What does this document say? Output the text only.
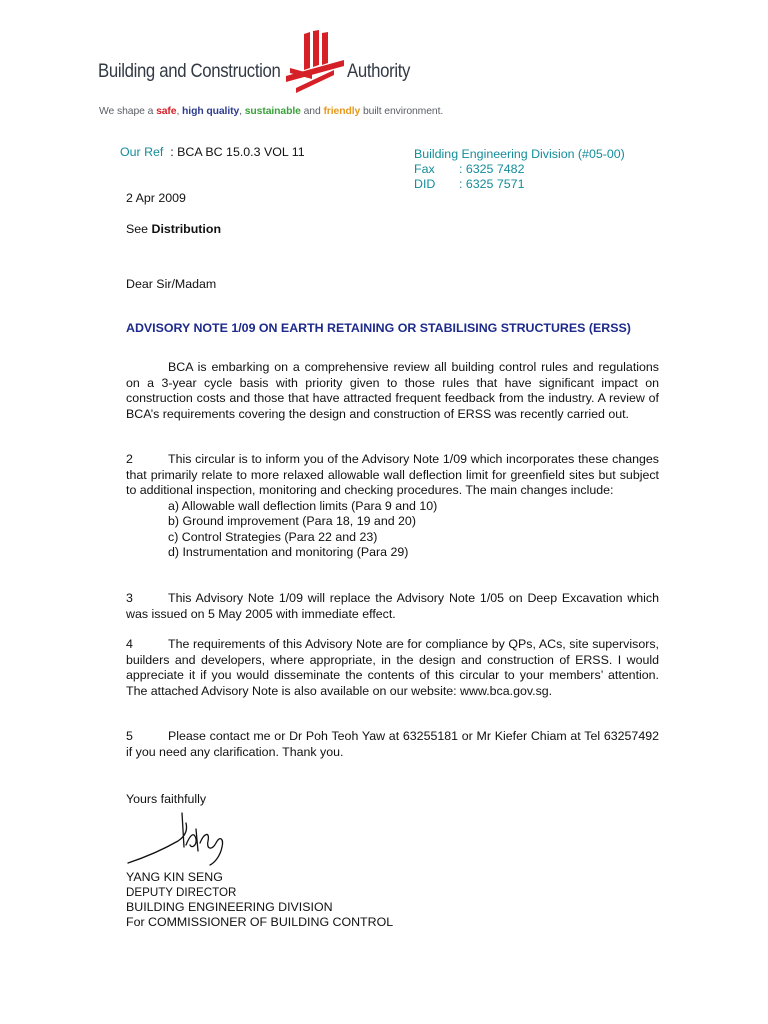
Building and Construction	Authority
We shape a safe, high quality, sustainable and friendly built environment.
Our Ref : BCA BC 15.0.3 VOL 11	Building Engineering Division (#05-00)
Fax : 6325 7482
DID : 6325 7571
2 Apr 2009
See Distribution
Dear Sir/Madam
ADVISORY NOTE 1/09 ON EARTH RETAINING OR STABILISING STRUCTURES (ERSS)
BCA is embarking on a comprehensive review all building control rules and regulations on a 3-year cycle basis with priority given to those rules that have significant impact on construction costs and those that have attracted frequent feedback from the industry. A review of BCA’s requirements covering the design and construction of ERSS was recently carried out.
2	This circular is to inform you of the Advisory Note 1/09 which incorporates these changes that primarily relate to more relaxed allowable wall deflection limit for greenfield sites but subject to additional inspection, monitoring and checking procedures. The main changes include:
a) Allowable wall deflection limits (Para 9 and 10)
b) Ground improvement (Para 18, 19 and 20)
c) Control Strategies (Para 22 and 23)
d) Instrumentation and monitoring (Para 29)
3	This Advisory Note 1/09 will replace the Advisory Note 1/05 on Deep Excavation which was issued on 5 May 2005 with immediate effect.
4	The requirements of this Advisory Note are for compliance by QPs, ACs, site supervisors, builders and developers, where appropriate, in the design and construction of ERSS. I would appreciate it if you would disseminate the contents of this circular to your members’ attention. The attached Advisory Note is also available on our website: www.bca.gov.sg.
5	Please contact me or Dr Poh Teoh Yaw at 63255181 or Mr Kiefer Chiam at Tel 63257492 if you need any clarification. Thank you.
Yours faithfully
YANG KIN SENG
DEPUTY DIRECTOR
BUILDING ENGINEERING DIVISION
For COMMISSIONER OF BUILDING CONTROL
